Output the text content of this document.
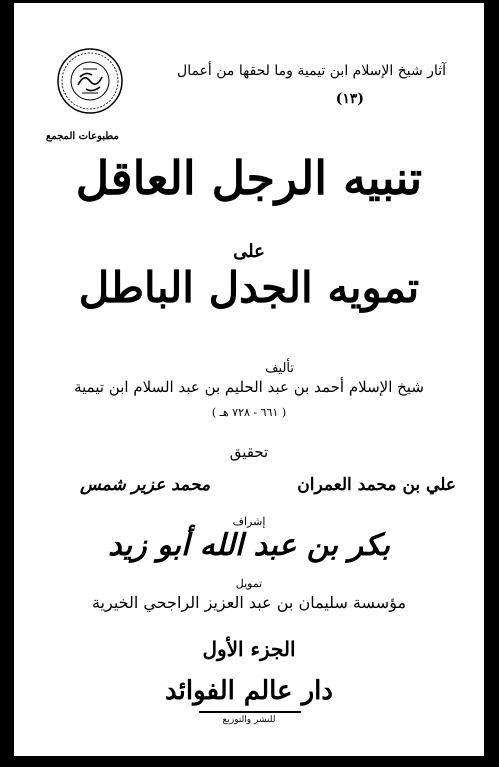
آثار شيخ الإسلام ابن تيمية وما لحقها من أعمال
(١٣)
مطبوعات المجمع
تنبيه الرجل العاقل
على
تمويه الجدل الباطل
تأليف
شيخ الإسلام أحمد بن عبد الحليم بن عبد السلام ابن تيمية
( ٦٦١ - ٧٢٨ هـ )
تحقيق
علي بن محمد العمران
محمد عزير شمس
إشراف
بكر بن عبد الله أبو زيد
تمويل
مؤسسة سليمان بن عبد العزيز الراجحي الخيرية
الجزء الأول
دار عالم الفوائد
للنشر والتوزيع
